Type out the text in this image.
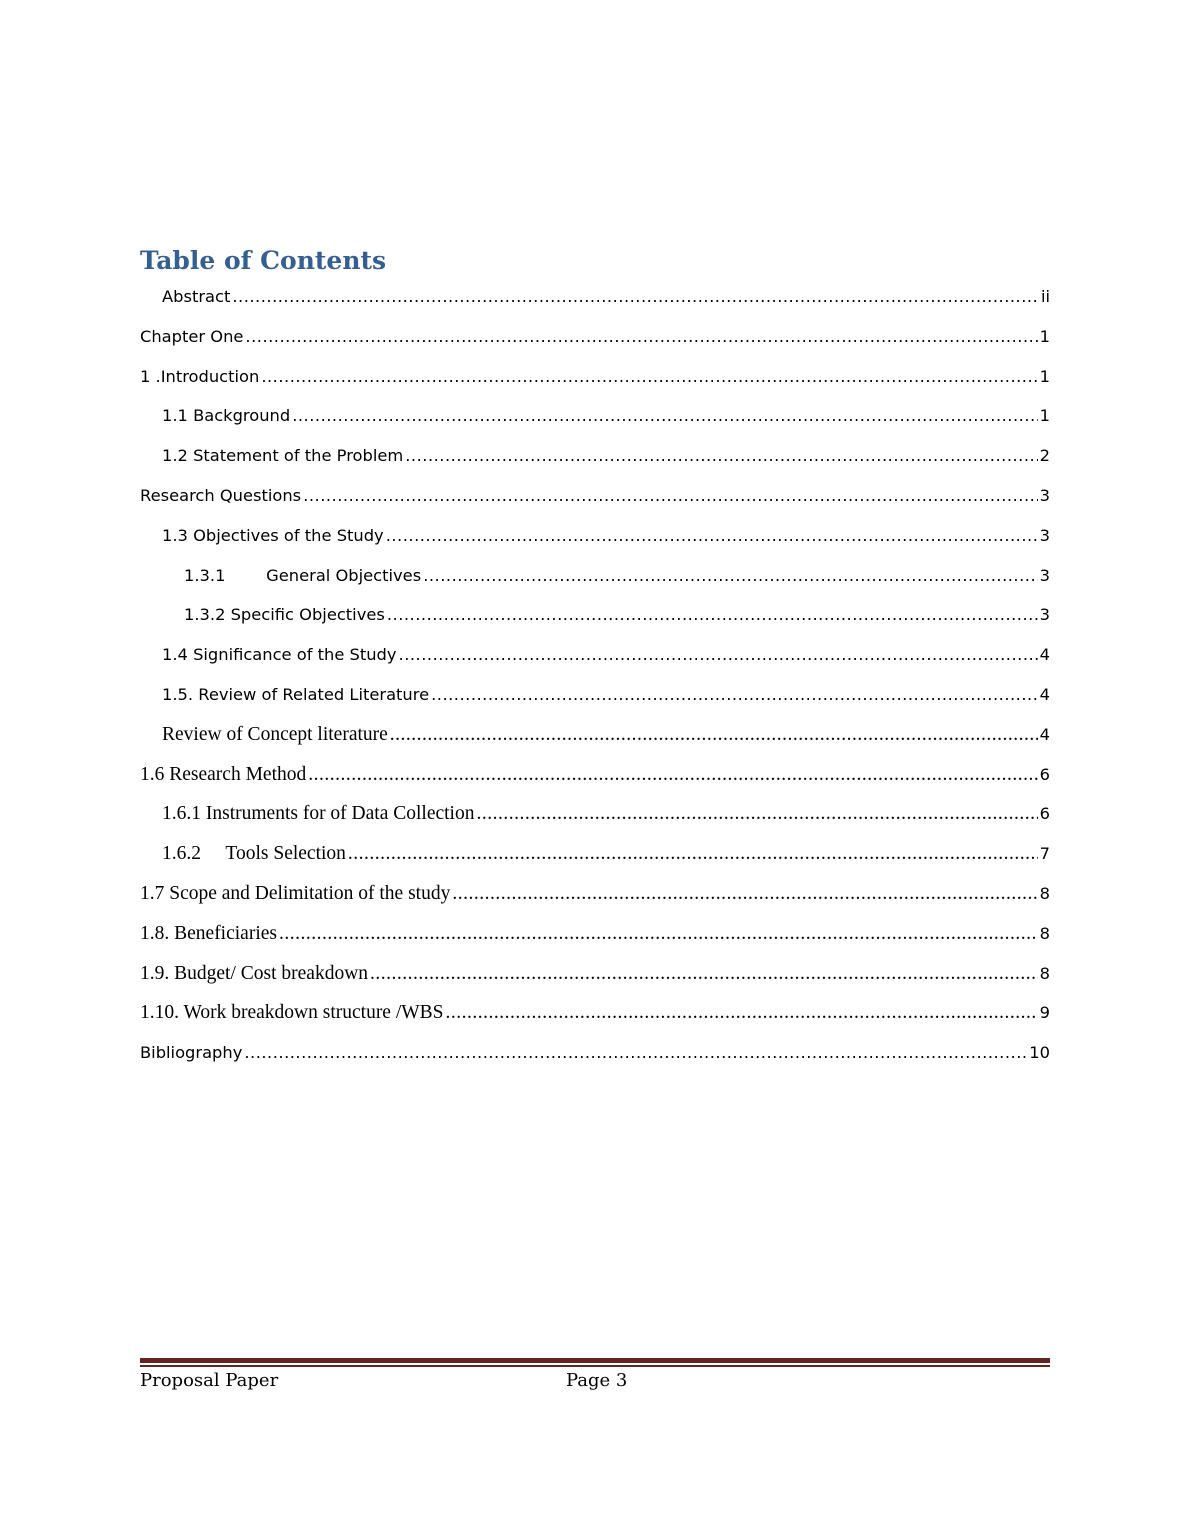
Table of Contents
Abstract .....	ii
Chapter One .....	1
1 .Introduction .....	1
1.1 Background .....	1
1.2 Statement of the Problem .....	2
Research Questions .....	3
1.3 Objectives of the Study .....	3
1.3.1 General Objectives .....	3
1.3.2 Specific Objectives .....	3
1.4 Significance of the Study .....	4
1.5. Review of Related Literature .....	4
Review of Concept literature .....	4
1.6 Research Method .....	6
1.6.1 Instruments for of Data Collection .....	6
1.6.2 Tools Selection .....	7
1.7 Scope and Delimitation of the study .....	8
1.8. Beneficiaries .....	8
1.9. Budget/ Cost breakdown .....	8
1.10. Work breakdown structure /WBS .....	9
Bibliography .....	10
Proposal Paper	Page 3
